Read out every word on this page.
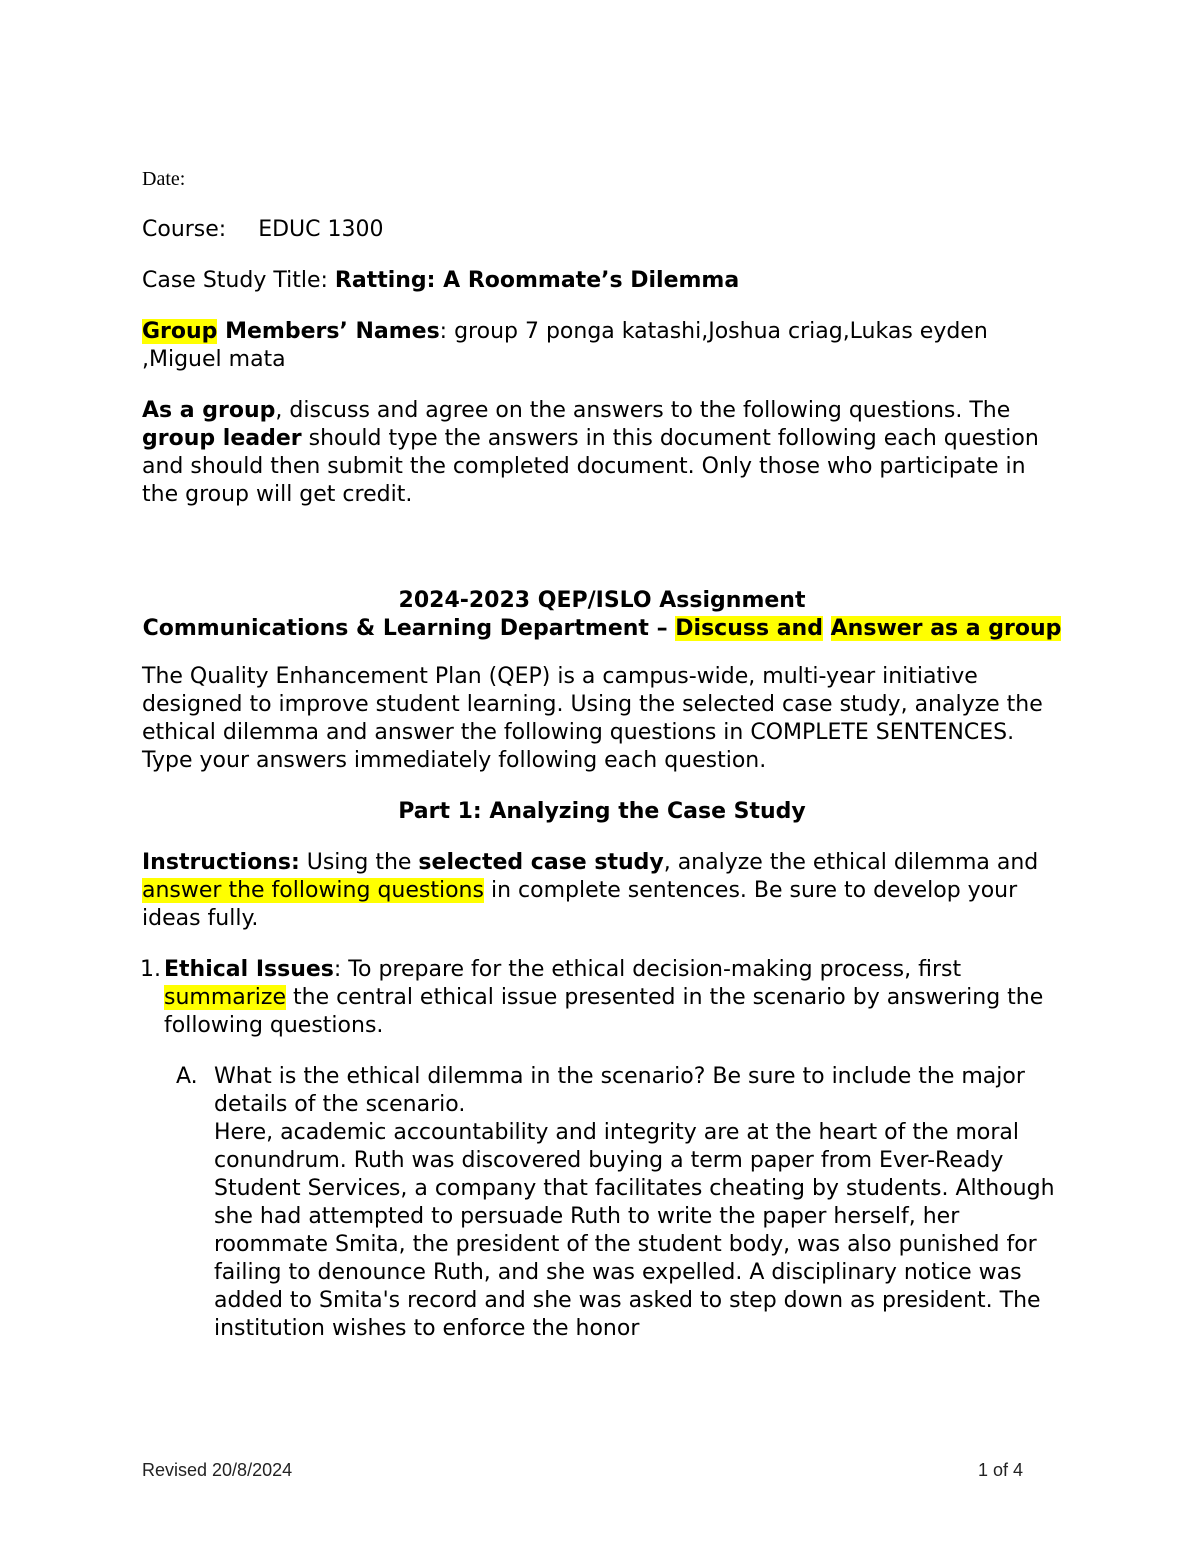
Date:

Course: EDUC 1300

Case Study Title: Ratting: A Roommate’s Dilemma

Group Members’ Names: group 7 ponga katashi,Joshua criag,Lukas eyden ,Miguel mata

As a group, discuss and agree on the answers to the following questions. The group leader should type the answers in this document following each question and should then submit the completed document. Only those who participate in the group will get credit.

2024-2023 QEP/ISLO Assignment

Communications & Learning Department – Discuss and Answer as a group

The Quality Enhancement Plan (QEP) is a campus-wide, multi-year initiative designed to improve student learning. Using the selected case study, analyze the ethical dilemma and answer the following questions in COMPLETE SENTENCES. Type your answers immediately following each question.

Part 1: Analyzing the Case Study

Instructions: Using the selected case study, analyze the ethical dilemma and answer the following questions in complete sentences. Be sure to develop your ideas fully.

1. Ethical Issues: To prepare for the ethical decision-making process, first summarize the central ethical issue presented in the scenario by answering the following questions.
A. What is the ethical dilemma in the scenario? Be sure to include the major details of the scenario.

Here, academic accountability and integrity are at the heart of the moral conundrum. Ruth was discovered buying a term paper from Ever-Ready Student Services, a company that facilitates cheating by students. Although she had attempted to persuade Ruth to write the paper herself, her roommate Smita, the president of the student body, was also punished for failing to denounce Ruth, and she was expelled. A disciplinary notice was added to Smita's record and she was asked to step down as president. The institution wishes to enforce the honor

Revised 20/8/2024	1 of 4
